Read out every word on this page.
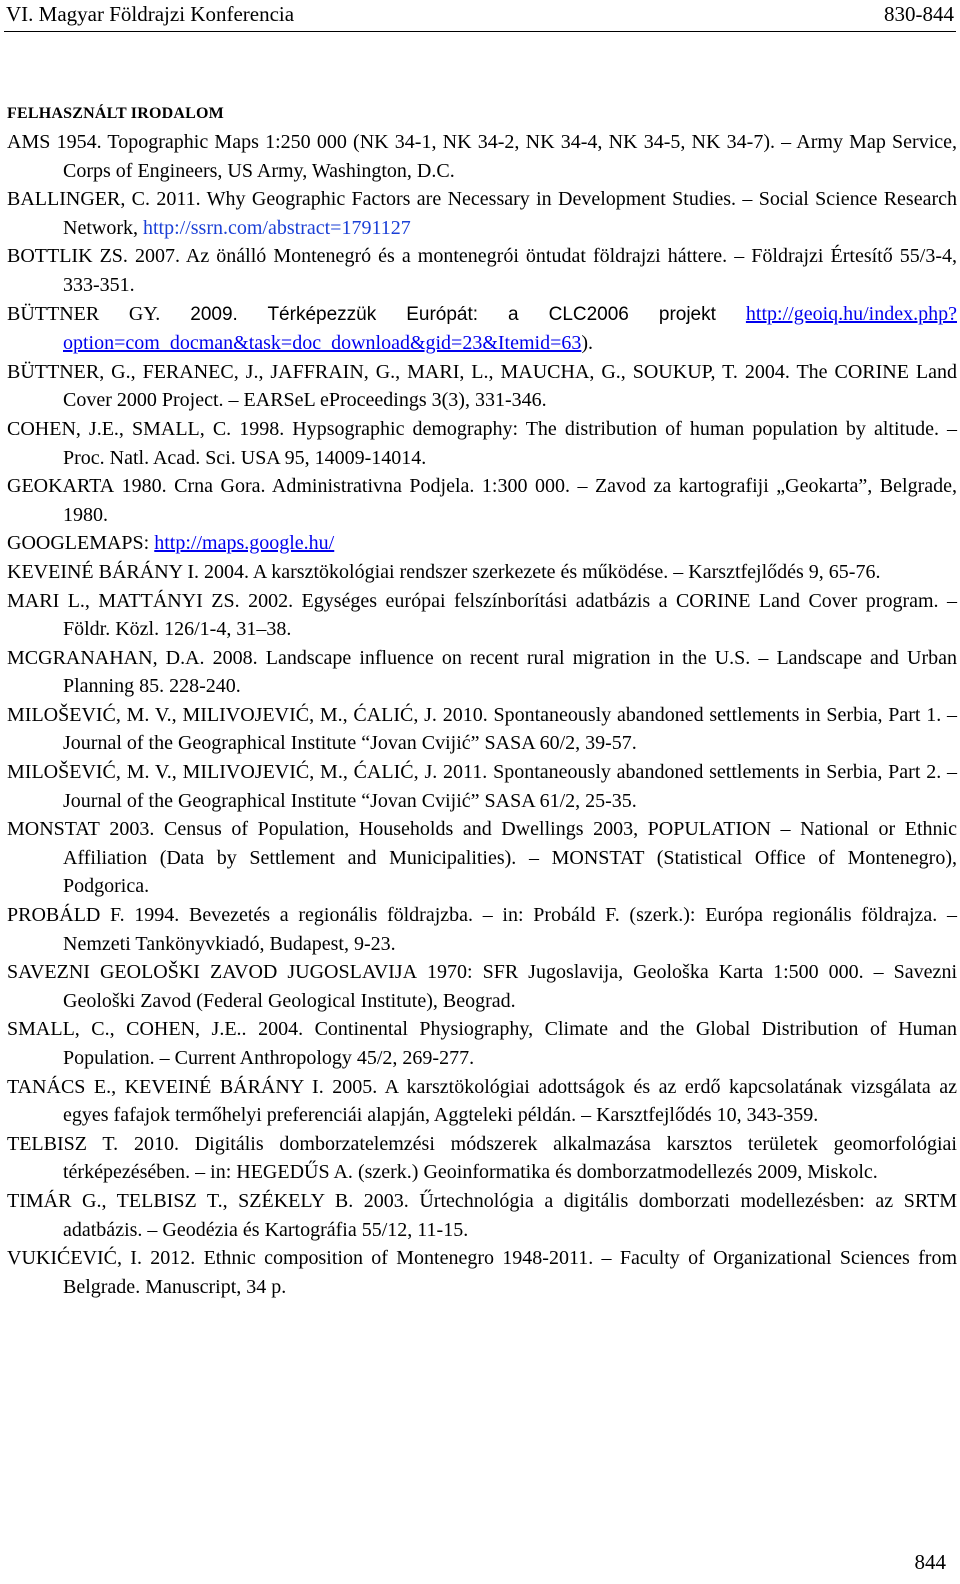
VI. Magyar Földrajzi Konferencia	830-844
FELHASZNÁLT IRODALOM

AMS 1954. Topographic Maps 1:250 000 (NK 34-1, NK 34-2, NK 34-4, NK 34-5, NK 34-7). – Army Map Service, Corps of Engineers, US Army, Washington, D.C.

BALLINGER, C. 2011. Why Geographic Factors are Necessary in Development Studies. – Social Science Research Network, http://ssrn.com/abstract=1791127

BOTTLIK ZS. 2007. Az önálló Montenegró és a montenegrói öntudat földrajzi háttere. – Földrajzi Értesítő 55/3-4, 333-351.

BÜTTNER GY. 2009. Térképezzük Európát: a CLC2006 projekt http://geoiq.hu/index.php?option=com_docman&task=doc_download&gid=23&Itemid=63).

BÜTTNER, G., FERANEC, J., JAFFRAIN, G., MARI, L., MAUCHA, G., SOUKUP, T. 2004. The CORINE Land Cover 2000 Project. – EARSeL eProceedings 3(3), 331-346.

COHEN, J.E., SMALL, C. 1998. Hypsographic demography: The distribution of human population by altitude. – Proc. Natl. Acad. Sci. USA 95, 14009-14014.

GEOKARTA 1980. Crna Gora. Administrativna Podjela. 1:300 000. – Zavod za kartografiji „Geokarta”, Belgrade, 1980.

GOOGLEMAPS: http://maps.google.hu/

KEVEINÉ BÁRÁNY I. 2004. A karsztökológiai rendszer szerkezete és működése. – Karsztfejlődés 9, 65-76.

MARI L., MATTÁNYI ZS. 2002. Egységes európai felszínborítási adatbázis a CORINE Land Cover program. – Földr. Közl. 126/1-4, 31–38.

MCGRANAHAN, D.A. 2008. Landscape influence on recent rural migration in the U.S. – Landscape and Urban Planning 85. 228-240.

MILOŠEVIĆ, M. V., MILIVOJEVIĆ, M., ĆALIĆ, J. 2010. Spontaneously abandoned settlements in Serbia, Part 1. – Journal of the Geographical Institute “Jovan Cvijić” SASA 60/2, 39-57.

MILOŠEVIĆ, M. V., MILIVOJEVIĆ, M., ĆALIĆ, J. 2011. Spontaneously abandoned settlements in Serbia, Part 2. – Journal of the Geographical Institute “Jovan Cvijić” SASA 61/2, 25-35.

MONSTAT 2003. Census of Population, Households and Dwellings 2003, POPULATION – National or Ethnic Affiliation (Data by Settlement and Municipalities). – MONSTAT (Statistical Office of Montenegro), Podgorica.

PROBÁLD F. 1994. Bevezetés a regionális földrajzba. – in: Probáld F. (szerk.): Európa regionális földrajza. – Nemzeti Tankönyvkiadó, Budapest, 9-23.

SAVEZNI GEOLOŠKI ZAVOD JUGOSLAVIJA 1970: SFR Jugoslavija, Geološka Karta 1:500 000. – Savezni Geološki Zavod (Federal Geological Institute), Beograd.

SMALL, C., COHEN, J.E.. 2004. Continental Physiography, Climate and the Global Distribution of Human Population. – Current Anthropology 45/2, 269-277.

TANÁCS E., KEVEINÉ BÁRÁNY I. 2005. A karsztökológiai adottságok és az erdő kapcsolatának vizsgálata az egyes fafajok termőhelyi preferenciái alapján, Aggteleki példán. – Karsztfejlődés 10, 343-359.

TELBISZ T. 2010. Digitális domborzatelemzési módszerek alkalmazása karsztos területek geomorfológiai térképezésében. – in: HEGEDŰS A. (szerk.) Geoinformatika és domborzatmodellezés 2009, Miskolc.

TIMÁR G., TELBISZ T., SZÉKELY B. 2003. Űrtechnológia a digitális domborzati modellezésben: az SRTM adatbázis. – Geodézia és Kartográfia 55/12, 11-15.

VUKIĆEVIĆ, I. 2012. Ethnic composition of Montenegro 1948-2011. – Faculty of Organizational Sciences from Belgrade. Manuscript, 34 p.

844
